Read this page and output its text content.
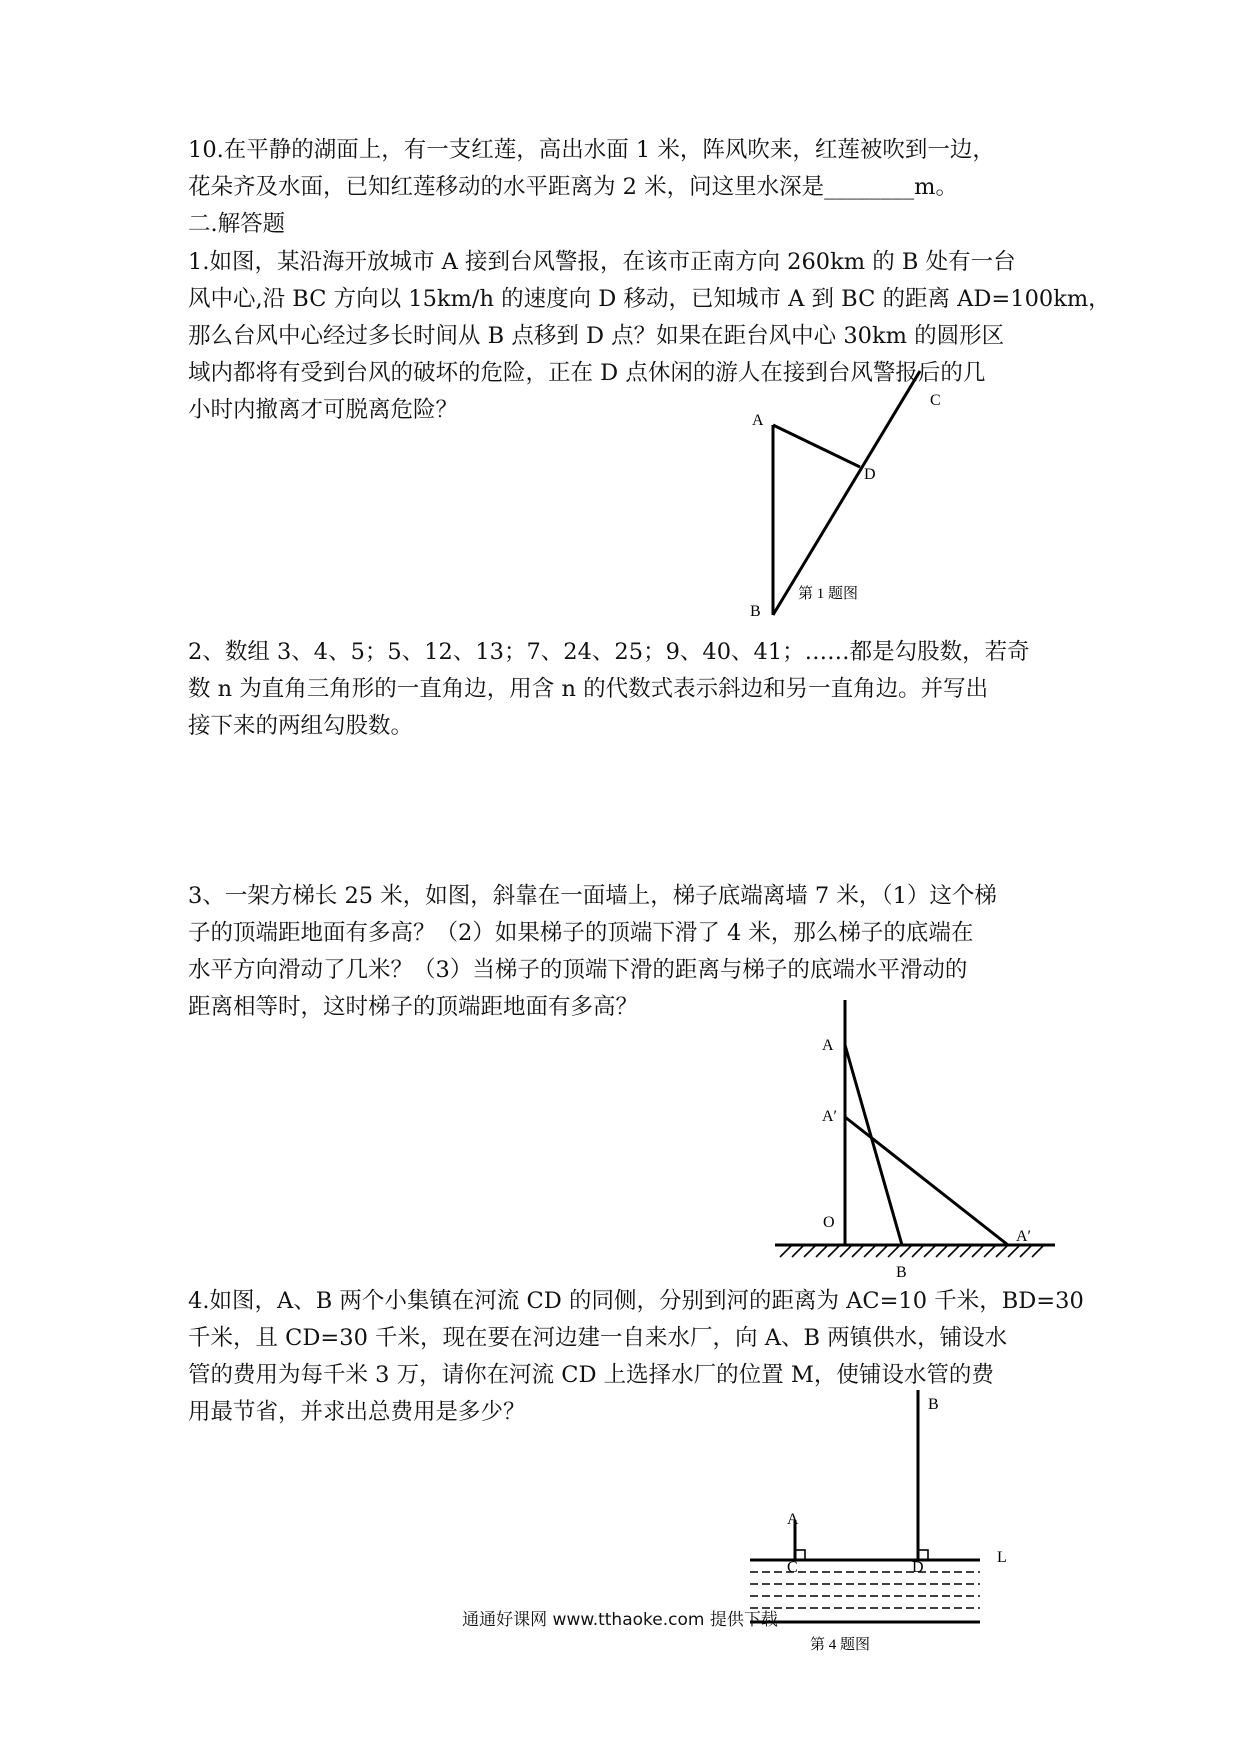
10.在平静的湖面上，有一支红莲，高出水面 1 米，阵风吹来，红莲被吹到一边，

花朵齐及水面，已知红莲移动的水平距离为 2 米，问这里水深是________m。

二.解答题

1.如图，某沿海开放城市 A 接到台风警报，在该市正南方向 260km 的 B 处有一台

风中心,沿 BC 方向以 15km/h 的速度向 D 移动，已知城市 A 到 BC 的距离 AD=100km，

那么台风中心经过多长时间从 B 点移到 D 点？如果在距台风中心 30km 的圆形区

域内都将有受到台风的破坏的危险，正在 D 点休闲的游人在接到台风警报后的几

小时内撤离才可脱离危险？	A
B
C
D
第 1 题图

2、数组 3、4、5；5、12、13；7、24、25；9、40、41；……都是勾股数，若奇

数 n 为直角三角形的一直角边，用含 n 的代数式表示斜边和另一直角边。并写出

接下来的两组勾股数。

3、一架方梯长 25 米，如图，斜靠在一面墙上，梯子底端离墙 7 米，（1）这个梯

子的顶端距地面有多高？（2）如果梯子的顶端下滑了 4 米，那么梯子的底端在

水平方向滑动了几米？（3）当梯子的顶端下滑的距离与梯子的底端水平滑动的

距离相等时，这时梯子的顶端距地面有多高？

A
A′
O
A′
B

4.如图，A、B 两个小集镇在河流 CD 的同侧，分别到河的距离为 AC=10 千米，BD=30

千米，且 CD=30 千米，现在要在河边建一自来水厂，向 A、B 两镇供水，铺设水

管的费用为每千米 3 万，请你在河流 CD 上选择水厂的位置 M，使铺设水管的费

用最节省，并求出总费用是多少？

A
B
C	D
L
第 4 题图
通通好课网 www.tthaoke.com 提供下载
